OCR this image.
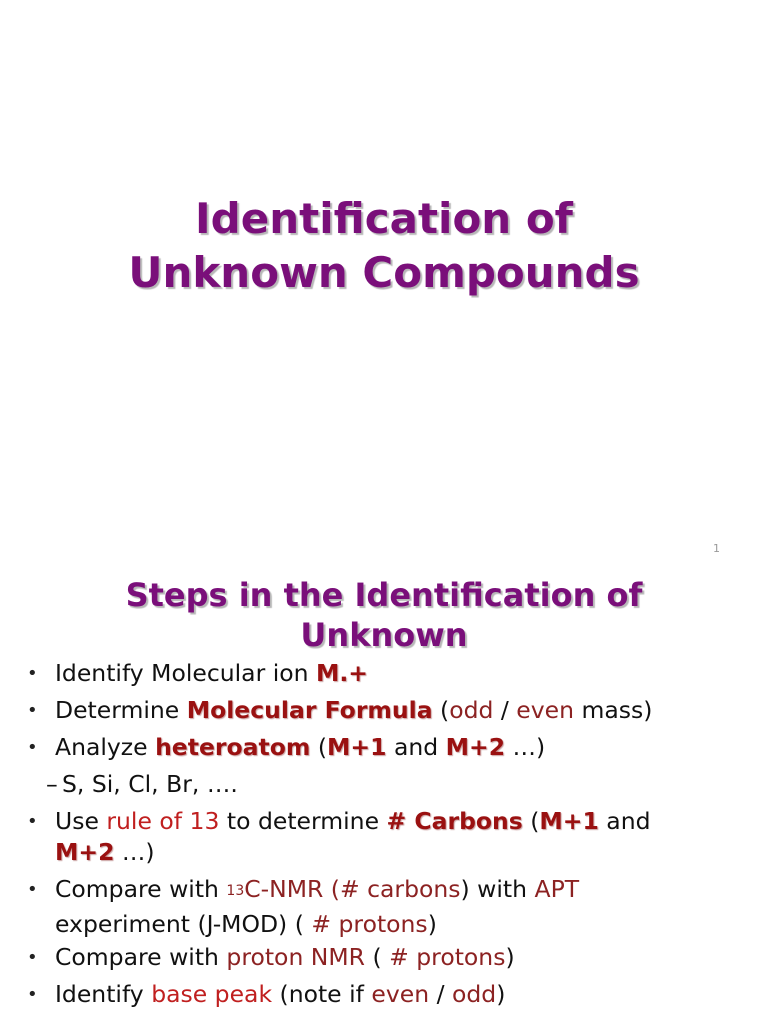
Identification of
Unknown Compounds
1
Steps in the Identification of
Unknown
• Identify Molecular ion M.+
• Determine Molecular Formula (odd / even mass)
• Analyze heteroatom (M+1 and M+2 …)
– S, Si, Cl, Br, ….
• Use rule of 13 to determine # Carbons (M+1 and
M+2 …)
• Compare with $^{13}$C-NMR (# carbons) with APT
experiment (J-MOD) ( # protons)
• Compare with proton NMR ( # protons)
• Identify base peak (note if even / odd)
